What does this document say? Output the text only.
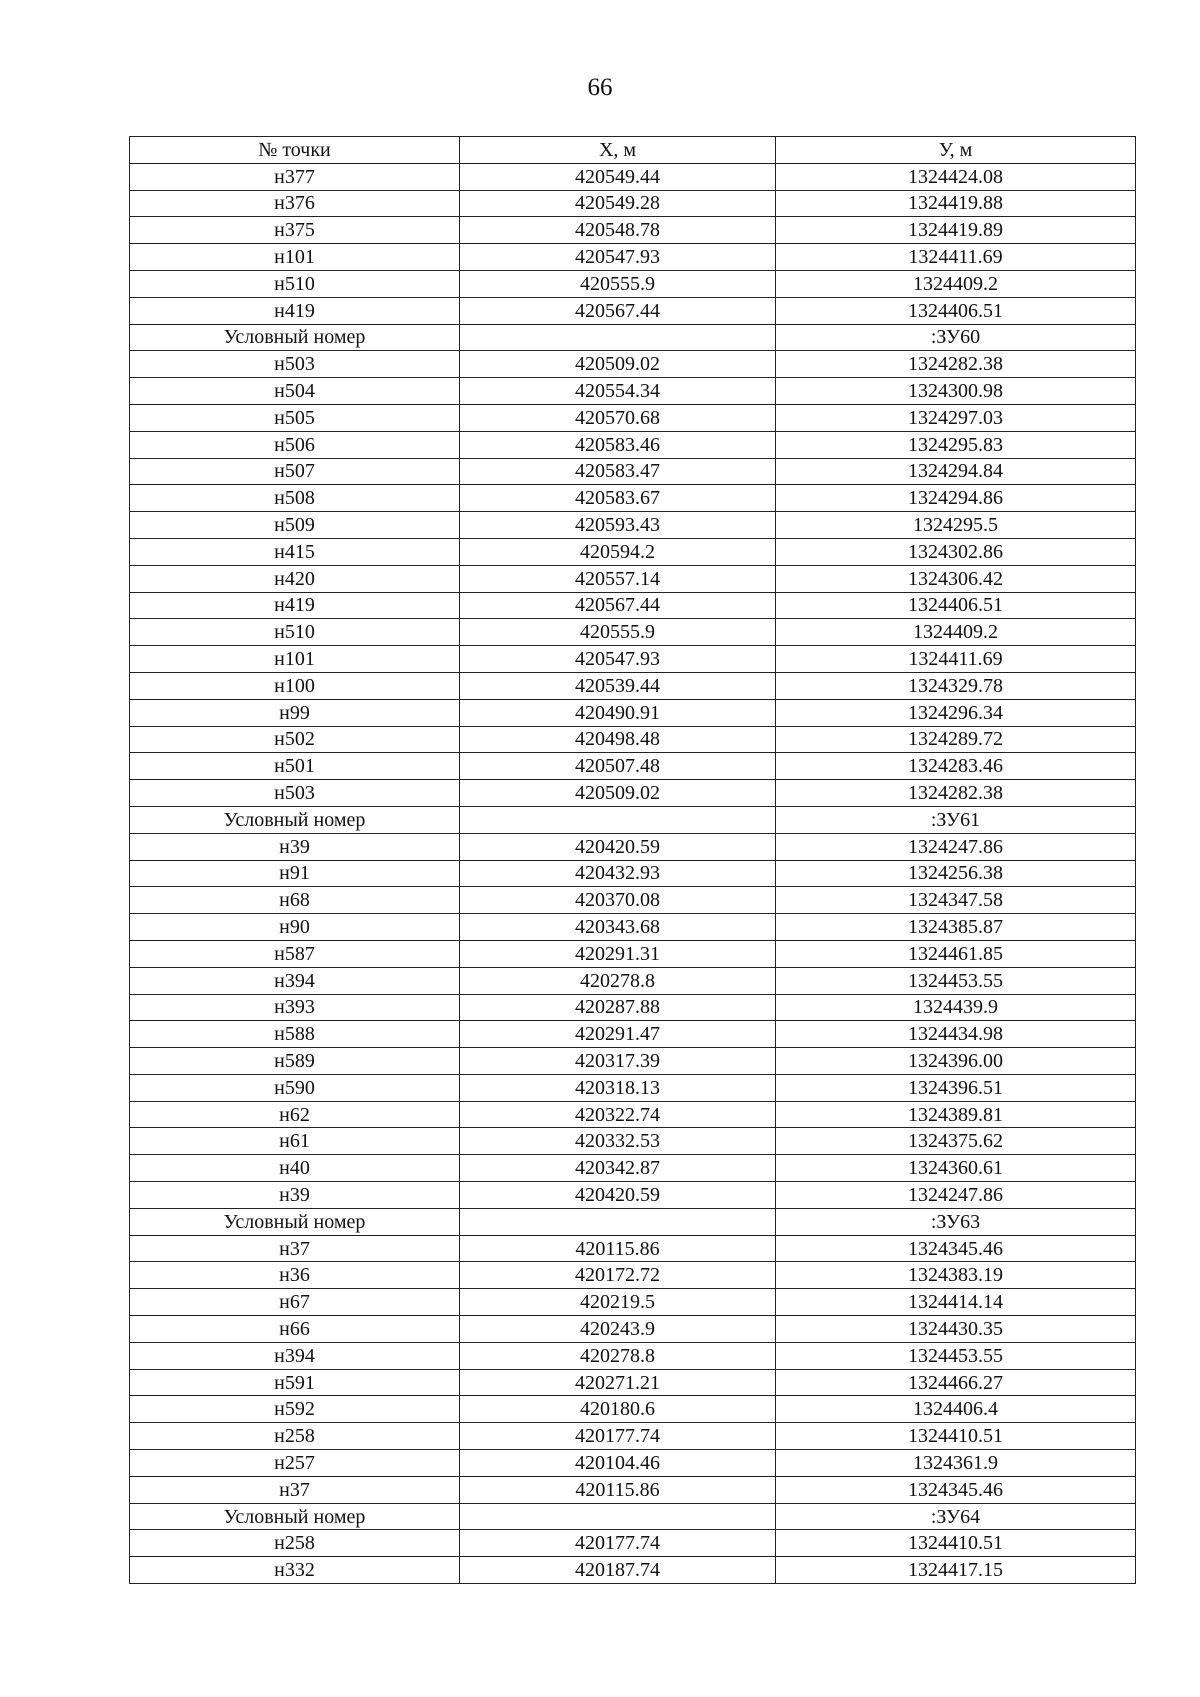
66
№ точки	Х, м	У, м
н377	420549.44	1324424.08
н376	420549.28	1324419.88
н375	420548.78	1324419.89
н101	420547.93	1324411.69
н510	420555.9	1324409.2
н419	420567.44	1324406.51
Условный номер		:ЗУ60
н503	420509.02	1324282.38
н504	420554.34	1324300.98
н505	420570.68	1324297.03
н506	420583.46	1324295.83
н507	420583.47	1324294.84
н508	420583.67	1324294.86
н509	420593.43	1324295.5
н415	420594.2	1324302.86
н420	420557.14	1324306.42
н419	420567.44	1324406.51
н510	420555.9	1324409.2
н101	420547.93	1324411.69
н100	420539.44	1324329.78
н99	420490.91	1324296.34
н502	420498.48	1324289.72
н501	420507.48	1324283.46
н503	420509.02	1324282.38
Условный номер		:ЗУ61
н39	420420.59	1324247.86
н91	420432.93	1324256.38
н68	420370.08	1324347.58
н90	420343.68	1324385.87
н587	420291.31	1324461.85
н394	420278.8	1324453.55
н393	420287.88	1324439.9
н588	420291.47	1324434.98
н589	420317.39	1324396.00
н590	420318.13	1324396.51
н62	420322.74	1324389.81
н61	420332.53	1324375.62
н40	420342.87	1324360.61
н39	420420.59	1324247.86
Условный номер		:ЗУ63
н37	420115.86	1324345.46
н36	420172.72	1324383.19
н67	420219.5	1324414.14
н66	420243.9	1324430.35
н394	420278.8	1324453.55
н591	420271.21	1324466.27
н592	420180.6	1324406.4
н258	420177.74	1324410.51
н257	420104.46	1324361.9
н37	420115.86	1324345.46
Условный номер		:ЗУ64
н258	420177.74	1324410.51
н332	420187.74	1324417.15
